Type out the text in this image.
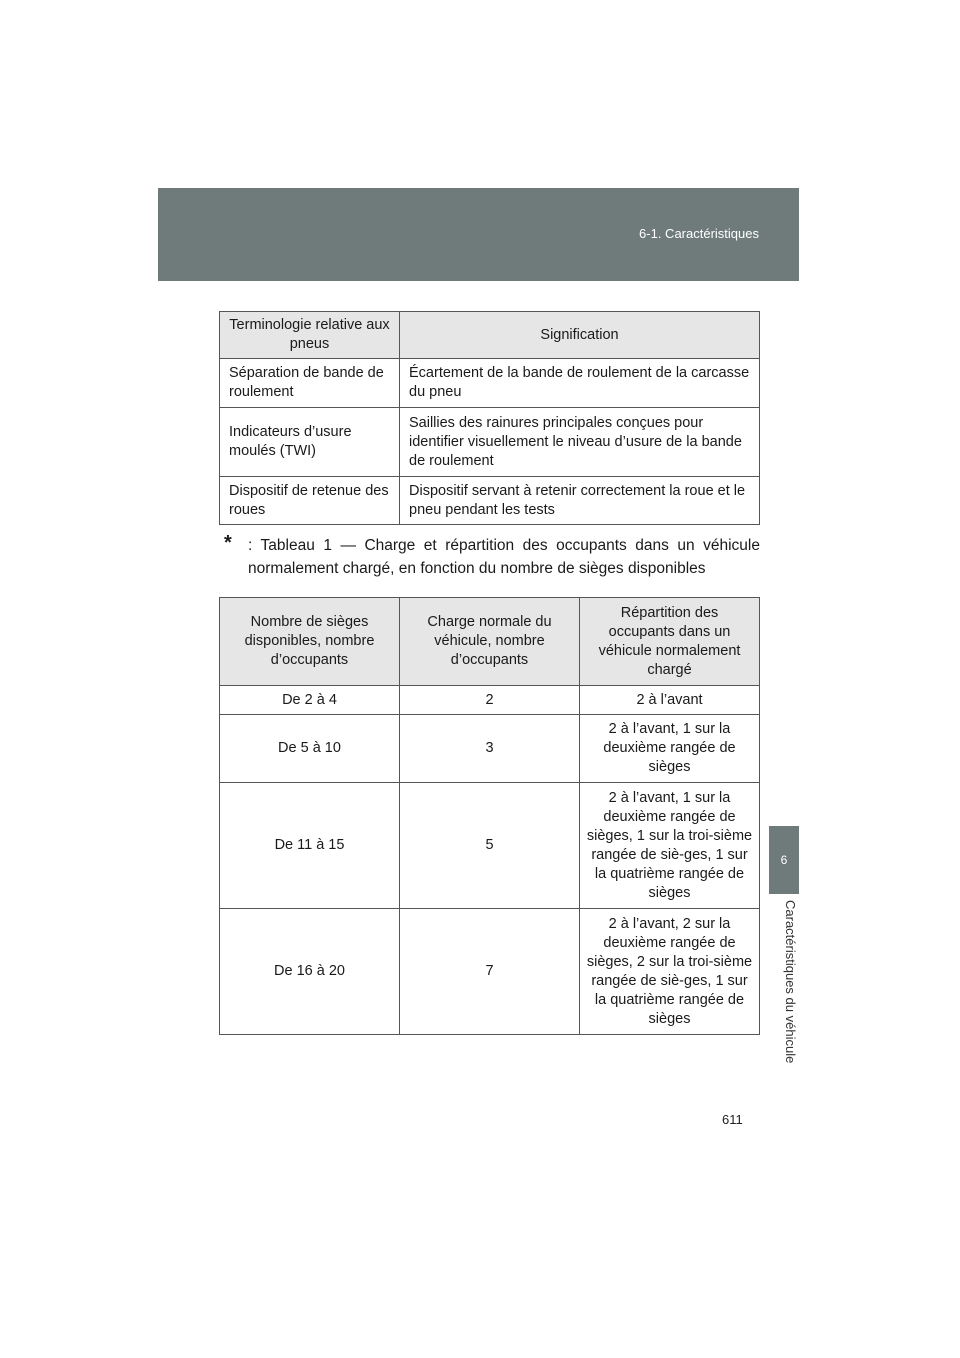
6-1. Caractéristiques
6
Caractéristiques du véhicule
Terminologie relative aux pneus	Signification
Séparation de bande de roulement	Écartement de la bande de roulement de la carcasse du pneu
Indicateurs d’usure moulés (TWI)	Saillies des rainures principales conçues pour identifier visuellement le niveau d’usure de la bande de roulement
Dispositif de retenue des roues	Dispositif servant à retenir correctement la roue et le pneu pendant les tests
*	: Tableau 1 — Charge et répartition des occupants dans un véhicule normalement chargé, en fonction du nombre de sièges disponibles
Nombre de sièges disponibles, nombre d’occupants	Charge normale du véhicule, nombre d’occupants	Répartition des occupants dans un véhicule normalement chargé
De 2 à 4	2	2 à l’avant
De 5 à 10	3	2 à l’avant, 1 sur la deuxième rangée de sièges
De 11 à 15	5	2 à l’avant, 1 sur la deuxième rangée de sièges, 1 sur la troi-sième rangée de siè-ges, 1 sur la quatrième rangée de sièges
De 16 à 20	7	2 à l’avant, 2 sur la deuxième rangée de sièges, 2 sur la troi-sième rangée de siè-ges, 1 sur la quatrième rangée de sièges
611
